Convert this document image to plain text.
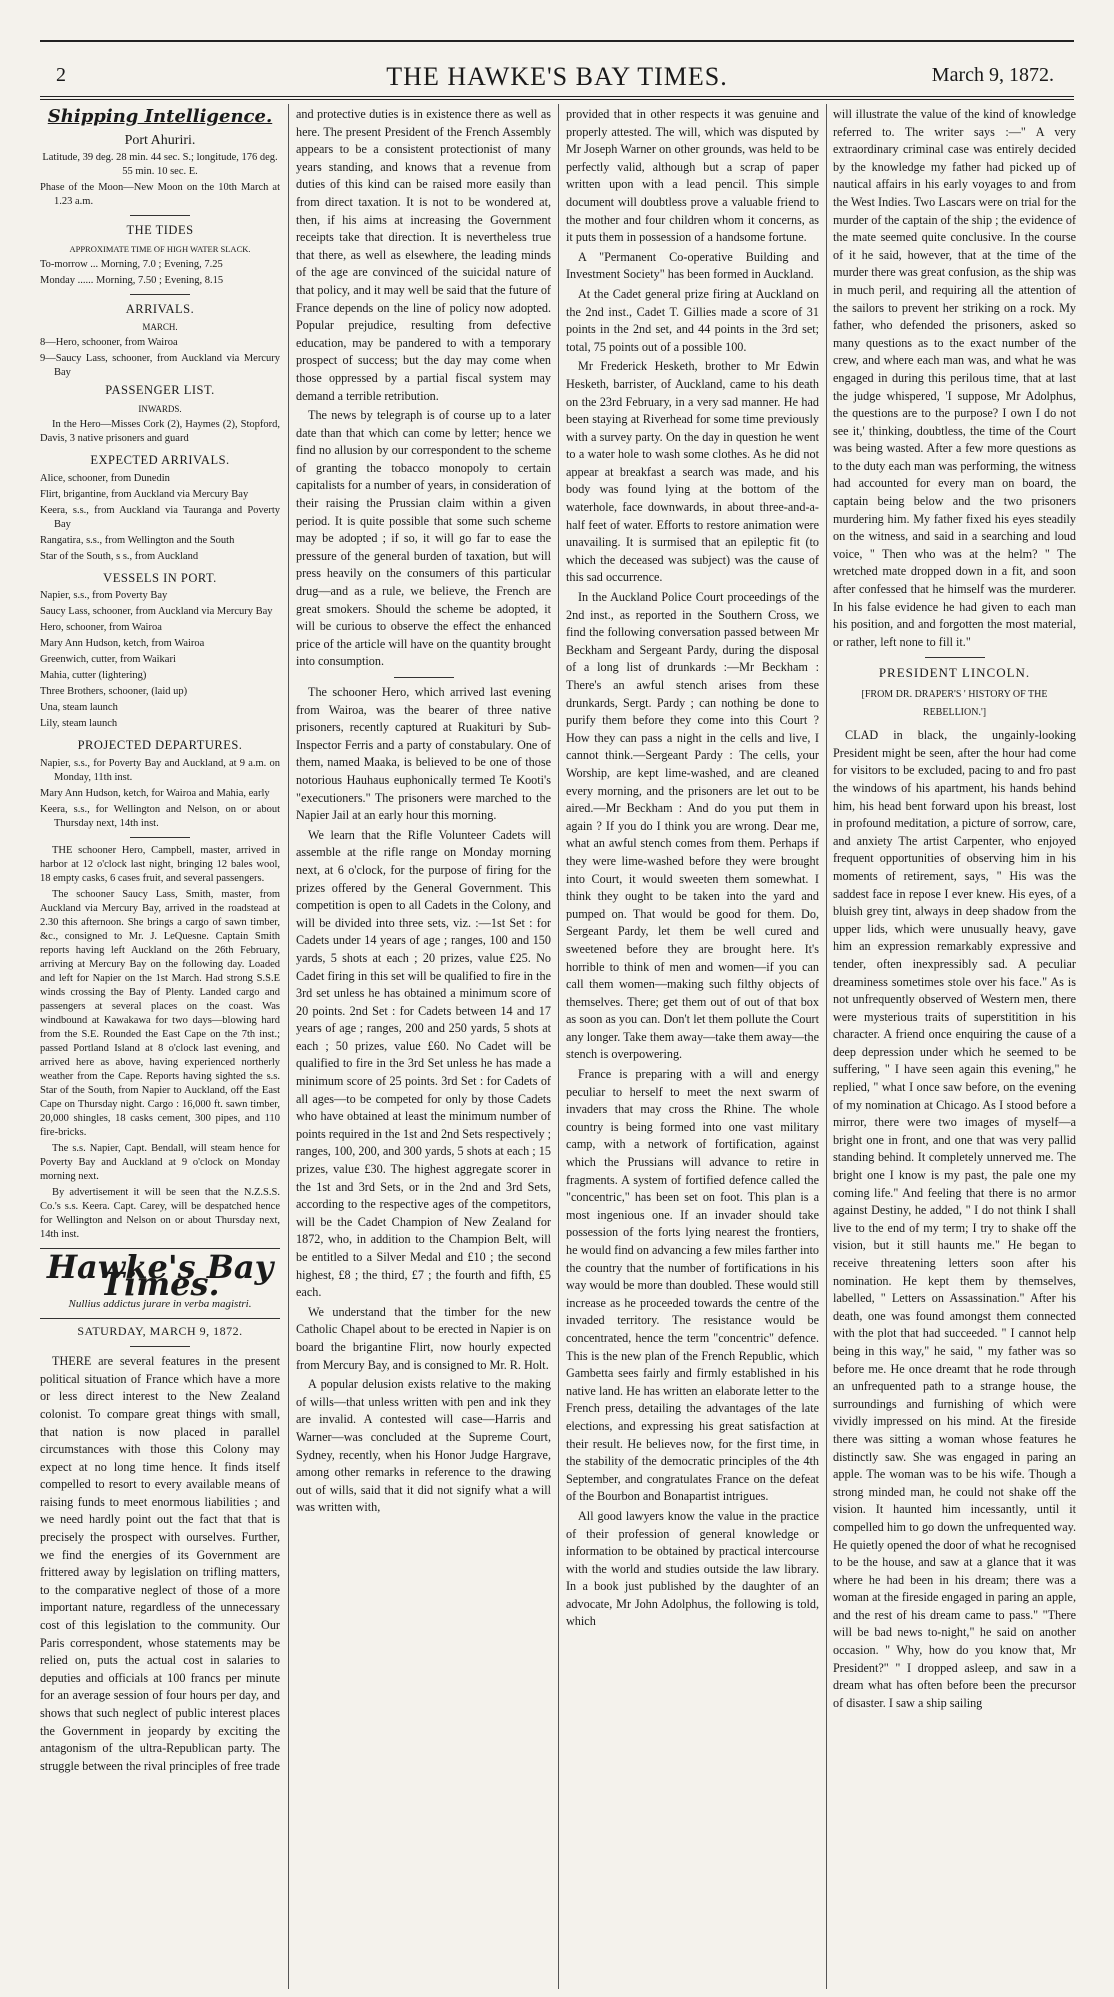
2	THE HAWKE'S BAY TIMES.	March 9, 1872.
Shipping Intelligence.
Port Ahuriri.

Latitude, 39 deg. 28 min. 44 sec. S.; longitude, 176 deg. 55 min. 10 sec. E.

Phase of the Moon—New Moon on the 10th March at 1.23 a.m.

THE TIDES

APPROXIMATE TIME OF HIGH WATER SLACK.

To-morrow ... Morning, 7.0 ; Evening, 7.25

Monday ...... Morning, 7.50 ; Evening, 8.15

ARRIVALS.

MARCH.

8—Hero, schooner, from Wairoa

9—Saucy Lass, schooner, from Auckland via Mercury Bay

PASSENGER LIST.

INWARDS.

In the Hero—Misses Cork (2), Haymes (2), Stopford, Davis, 3 native prisoners and guard

EXPECTED ARRIVALS.

Alice, schooner, from Dunedin

Flirt, brigantine, from Auckland via Mercury Bay

Keera, s.s., from Auckland via Tauranga and Poverty Bay

Rangatira, s.s., from Wellington and the South

Star of the South, s s., from Auckland

VESSELS IN PORT.

Napier, s.s., from Poverty Bay

Saucy Lass, schooner, from Auckland via Mercury Bay

Hero, schooner, from Wairoa

Mary Ann Hudson, ketch, from Wairoa

Greenwich, cutter, from Waikari

Mahia, cutter (lightering)

Three Brothers, schooner, (laid up)

Una, steam launch

Lily, steam launch

PROJECTED DEPARTURES.

Napier, s.s., for Poverty Bay and Auckland, at 9 a.m. on Monday, 11th inst.

Mary Ann Hudson, ketch, for Wairoa and Mahia, early

Keera, s.s., for Wellington and Nelson, on or about Thursday next, 14th inst.

THE schooner Hero, Campbell, master, arrived in harbor at 12 o'clock last night, bringing 12 bales wool, 18 empty casks, 6 cases fruit, and several passengers.

The schooner Saucy Lass, Smith, master, from Auckland via Mercury Bay, arrived in the roadstead at 2.30 this afternoon. She brings a cargo of sawn timber, &c., consigned to Mr. J. LeQuesne. Captain Smith reports having left Auckland on the 26th February, arriving at Mercury Bay on the following day. Loaded and left for Napier on the 1st March. Had strong S.S.E winds crossing the Bay of Plenty. Landed cargo and passengers at several places on the coast. Was windbound at Kawakawa for two days—blowing hard from the S.E. Rounded the East Cape on the 7th inst.; passed Portland Island at 8 o'clock last evening, and arrived here as above, having experienced northerly weather from the Cape. Reports having sighted the s.s. Star of the South, from Napier to Auckland, off the East Cape on Thursday night. Cargo : 16,000 ft. sawn timber, 20,000 shingles, 18 casks cement, 300 pipes, and 110 fire-bricks.

The s.s. Napier, Capt. Bendall, will steam hence for Poverty Bay and Auckland at 9 o'clock on Monday morning next.

By advertisement it will be seen that the N.Z.S.S. Co.'s s.s. Keera. Capt. Carey, will be despatched hence for Wellington and Nelson on or about Thursday next, 14th inst.

Hawke's Bay Times.
Nullius addictus jurare in verba magistri.
SATURDAY, MARCH 9, 1872.

THERE are several features in the present political situation of France which have a more or less direct interest to the New Zealand colonist. To compare great things with small, that nation is now placed in parallel circumstances with those this Colony may expect at no long time hence. It finds itself compelled to resort to every available means of raising funds to meet enormous liabilities ; and we need hardly point out the fact that that is precisely the prospect with ourselves. Further, we find the energies of its Government are frittered away by legislation on trifling matters, to the comparative neglect of those of a more important nature, regardless of the unnecessary cost of this legislation to the community. Our Paris correspondent, whose statements may be relied on, puts the actual cost in salaries to deputies and officials at 100 francs per minute for an average session of four hours per day, and shows that such neglect of public interest places the Government in jeopardy by exciting the antagonism of the ultra-Republican party. The struggle between the rival principles of free trade

and protective duties is in existence there as well as here. The present President of the French Assembly appears to be a consistent protectionist of many years standing, and knows that a revenue from duties of this kind can be raised more easily than from direct taxation. It is not to be wondered at, then, if his aims at increasing the Government receipts take that direction. It is nevertheless true that there, as well as elsewhere, the leading minds of the age are convinced of the suicidal nature of that policy, and it may well be said that the future of France depends on the line of policy now adopted. Popular prejudice, resulting from defective education, may be pandered to with a temporary prospect of success; but the day may come when those oppressed by a partial fiscal system may demand a terrible retribution.

The news by telegraph is of course up to a later date than that which can come by letter; hence we find no allusion by our correspondent to the scheme of granting the tobacco monopoly to certain capitalists for a number of years, in consideration of their raising the Prussian claim within a given period. It is quite possible that some such scheme may be adopted ; if so, it will go far to ease the pressure of the general burden of taxation, but will press heavily on the consumers of this particular drug—and as a rule, we believe, the French are great smokers. Should the scheme be adopted, it will be curious to observe the effect the enhanced price of the article will have on the quantity brought into consumption.

The schooner Hero, which arrived last evening from Wairoa, was the bearer of three native prisoners, recently captured at Ruakituri by Sub-Inspector Ferris and a party of constabulary. One of them, named Maaka, is believed to be one of those notorious Hauhaus euphonically termed Te Kooti's "executioners." The prisoners were marched to the Napier Jail at an early hour this morning.

We learn that the Rifle Volunteer Cadets will assemble at the rifle range on Monday morning next, at 6 o'clock, for the purpose of firing for the prizes offered by the General Government. This competition is open to all Cadets in the Colony, and will be divided into three sets, viz. :—1st Set : for Cadets under 14 years of age ; ranges, 100 and 150 yards, 5 shots at each ; 20 prizes, value £25. No Cadet firing in this set will be qualified to fire in the 3rd set unless he has obtained a minimum score of 20 points. 2nd Set : for Cadets between 14 and 17 years of age ; ranges, 200 and 250 yards, 5 shots at each ; 50 prizes, value £60. No Cadet will be qualified to fire in the 3rd Set unless he has made a minimum score of 25 points. 3rd Set : for Cadets of all ages—to be competed for only by those Cadets who have obtained at least the minimum number of points required in the 1st and 2nd Sets respectively ; ranges, 100, 200, and 300 yards, 5 shots at each ; 15 prizes, value £30. The highest aggregate scorer in the 1st and 3rd Sets, or in the 2nd and 3rd Sets, according to the respective ages of the competitors, will be the Cadet Champion of New Zealand for 1872, who, in addition to the Champion Belt, will be entitled to a Silver Medal and £10 ; the second highest, £8 ; the third, £7 ; the fourth and fifth, £5 each.

We understand that the timber for the new Catholic Chapel about to be erected in Napier is on board the brigantine Flirt, now hourly expected from Mercury Bay, and is consigned to Mr. R. Holt.

A popular delusion exists relative to the making of wills—that unless written with pen and ink they are invalid. A contested will case—Harris and Warner—was concluded at the Supreme Court, Sydney, recently, when his Honor Judge Hargrave, among other remarks in reference to the drawing out of wills, said that it did not signify what a will was written with,

provided that in other respects it was genuine and properly attested. The will, which was disputed by Mr Joseph Warner on other grounds, was held to be perfectly valid, although but a scrap of paper written upon with a lead pencil. This simple document will doubtless prove a valuable friend to the mother and four children whom it concerns, as it puts them in possession of a handsome fortune.

A "Permanent Co-operative Building and Investment Society" has been formed in Auckland.

At the Cadet general prize firing at Auckland on the 2nd inst., Cadet T. Gillies made a score of 31 points in the 2nd set, and 44 points in the 3rd set; total, 75 points out of a possible 100.

Mr Frederick Hesketh, brother to Mr Edwin Hesketh, barrister, of Auckland, came to his death on the 23rd February, in a very sad manner. He had been staying at Riverhead for some time previously with a survey party. On the day in question he went to a water hole to wash some clothes. As he did not appear at breakfast a search was made, and his body was found lying at the bottom of the waterhole, face downwards, in about three-and-a-half feet of water. Efforts to restore animation were unavailing. It is surmised that an epileptic fit (to which the deceased was subject) was the cause of this sad occurrence.

In the Auckland Police Court proceedings of the 2nd inst., as reported in the Southern Cross, we find the following conversation passed between Mr Beckham and Sergeant Pardy, during the disposal of a long list of drunkards :—Mr Beckham : There's an awful stench arises from these drunkards, Sergt. Pardy ; can nothing be done to purify them before they come into this Court ? How they can pass a night in the cells and live, I cannot think.—Sergeant Pardy : The cells, your Worship, are kept lime-washed, and are cleaned every morning, and the prisoners are let out to be aired.—Mr Beckham : And do you put them in again ? If you do I think you are wrong. Dear me, what an awful stench comes from them. Perhaps if they were lime-washed before they were brought into Court, it would sweeten them somewhat. I think they ought to be taken into the yard and pumped on. That would be good for them. Do, Sergeant Pardy, let them be well cured and sweetened before they are brought here. It's horrible to think of men and women—if you can call them women—making such filthy objects of themselves. There; get them out of out of that box as soon as you can. Don't let them pollute the Court any longer. Take them away—take them away—the stench is overpowering.

France is preparing with a will and energy peculiar to herself to meet the next swarm of invaders that may cross the Rhine. The whole country is being formed into one vast military camp, with a network of fortification, against which the Prussians will advance to retire in fragments. A system of fortified defence called the "concentric," has been set on foot. This plan is a most ingenious one. If an invader should take possession of the forts lying nearest the frontiers, he would find on advancing a few miles farther into the country that the number of fortifications in his way would be more than doubled. These would still increase as he proceeded towards the centre of the invaded territory. The resistance would be concentrated, hence the term "concentric" defence. This is the new plan of the French Republic, which Gambetta sees fairly and firmly established in his native land. He has written an elaborate letter to the French press, detailing the advantages of the late elections, and expressing his great satisfaction at their result. He believes now, for the first time, in the stability of the democratic principles of the 4th September, and congratulates France on the defeat of the Bourbon and Bonapartist intrigues.

All good lawyers know the value in the practice of their profession of general knowledge or information to be obtained by practical intercourse with the world and studies outside the law library. In a book just published by the daughter of an advocate, Mr John Adolphus, the following is told, which

will illustrate the value of the kind of knowledge referred to. The writer says :—" A very extraordinary criminal case was entirely decided by the knowledge my father had picked up of nautical affairs in his early voyages to and from the West Indies. Two Lascars were on trial for the murder of the captain of the ship ; the evidence of the mate seemed quite conclusive. In the course of it he said, however, that at the time of the murder there was great confusion, as the ship was in much peril, and requiring all the attention of the sailors to prevent her striking on a rock. My father, who defended the prisoners, asked so many questions as to the exact number of the crew, and where each man was, and what he was engaged in during this perilous time, that at last the judge whispered, 'I suppose, Mr Adolphus, the questions are to the purpose? I own I do not see it,' thinking, doubtless, the time of the Court was being wasted. After a few more questions as to the duty each man was performing, the witness had accounted for every man on board, the captain being below and the two prisoners murdering him. My father fixed his eyes steadily on the witness, and said in a searching and loud voice, " Then who was at the helm? " The wretched mate dropped down in a fit, and soon after confessed that he himself was the murderer. In his false evidence he had given to each man his position, and and forgotten the most material, or rather, left none to fill it."

PRESIDENT LINCOLN.
[FROM DR. DRAPER'S ' HISTORY OF THE REBELLION.']

CLAD in black, the ungainly-looking President might be seen, after the hour had come for visitors to be excluded, pacing to and fro past the windows of his apartment, his hands behind him, his head bent forward upon his breast, lost in profound meditation, a picture of sorrow, care, and anxiety The artist Carpenter, who enjoyed frequent opportunities of observing him in his moments of retirement, says, " His was the saddest face in repose I ever knew. His eyes, of a bluish grey tint, always in deep shadow from the upper lids, which were unusually heavy, gave him an expression remarkably expressive and tender, often inexpressibly sad. A peculiar dreaminess sometimes stole over his face." As is not unfrequently observed of Western men, there were mysterious traits of superstitition in his character. A friend once enquiring the cause of a deep depression under which he seemed to be suffering, " I have seen again this evening," he replied, " what I once saw before, on the evening of my nomination at Chicago. As I stood before a mirror, there were two images of myself—a bright one in front, and one that was very pallid standing behind. It completely unnerved me. The bright one I know is my past, the pale one my coming life." And feeling that there is no armor against Destiny, he added, " I do not think I shall live to the end of my term; I try to shake off the vision, but it still haunts me." He began to receive threatening letters soon after his nomination. He kept them by themselves, labelled, " Letters on Assassination." After his death, one was found amongst them connected with the plot that had succeeded. " I cannot help being in this way," he said, " my father was so before me. He once dreamt that he rode through an unfrequented path to a strange house, the surroundings and furnishing of which were vividly impressed on his mind. At the fireside there was sitting a woman whose features he distinctly saw. She was engaged in paring an apple. The woman was to be his wife. Though a strong minded man, he could not shake off the vision. It haunted him incessantly, until it compelled him to go down the unfrequented way. He quietly opened the door of what he recognised to be the house, and saw at a glance that it was where he had been in his dream; there was a woman at the fireside engaged in paring an apple, and the rest of his dream came to pass." "There will be bad news to-night," he said on another occasion. " Why, how do you know that, Mr President?" " I dropped asleep, and saw in a dream what has often before been the precursor of disaster. I saw a ship sailing
